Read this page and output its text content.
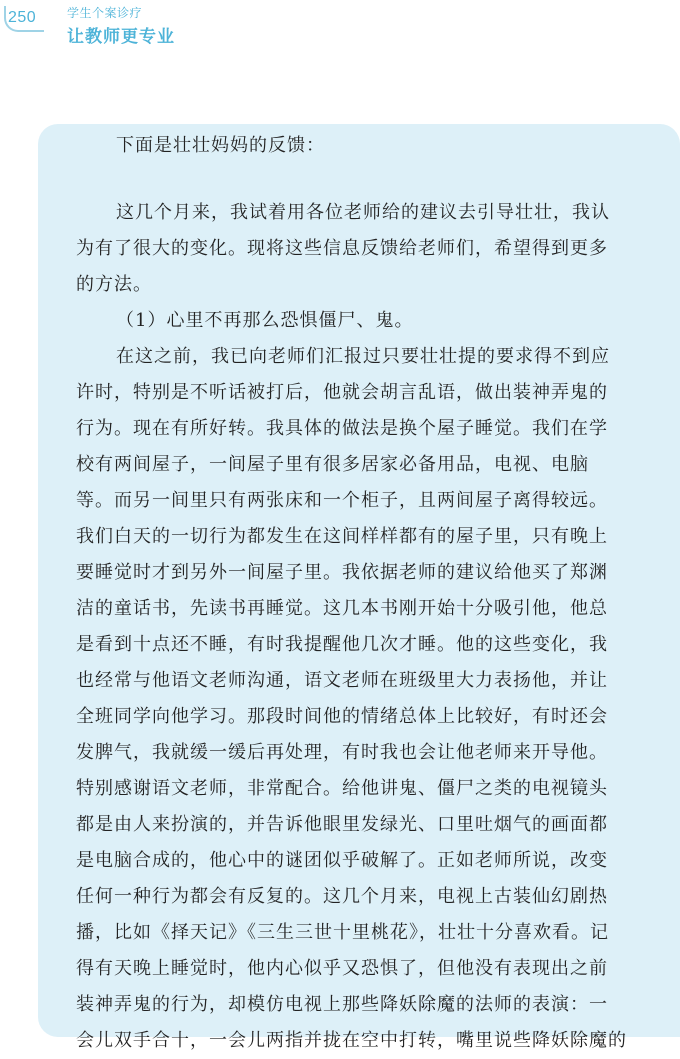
250	学生个案诊疗
让教师更专业
下面是壮壮妈妈的反馈：
这几个月来，我试着用各位老师给的建议去引导壮壮，我认
为有了很大的变化。现将这些信息反馈给老师们，希望得到更多
的方法。
（1）心里不再那么恐惧僵尸、鬼。
在这之前，我已向老师们汇报过只要壮壮提的要求得不到应
许时，特别是不听话被打后，他就会胡言乱语，做出装神弄鬼的
行为。现在有所好转。我具体的做法是换个屋子睡觉。我们在学
校有两间屋子，一间屋子里有很多居家必备用品，电视、电脑
等。而另一间里只有两张床和一个柜子，且两间屋子离得较远。
我们白天的一切行为都发生在这间样样都有的屋子里，只有晚上
要睡觉时才到另外一间屋子里。我依据老师的建议给他买了郑渊
洁的童话书，先读书再睡觉。这几本书刚开始十分吸引他，他总
是看到十点还不睡，有时我提醒他几次才睡。他的这些变化，我
也经常与他语文老师沟通，语文老师在班级里大力表扬他，并让
全班同学向他学习。那段时间他的情绪总体上比较好，有时还会
发脾气，我就缓一缓后再处理，有时我也会让他老师来开导他。
特别感谢语文老师，非常配合。给他讲鬼、僵尸之类的电视镜头
都是由人来扮演的，并告诉他眼里发绿光、口里吐烟气的画面都
是电脑合成的，他心中的谜团似乎破解了。正如老师所说，改变
任何一种行为都会有反复的。这几个月来，电视上古装仙幻剧热
播，比如《择天记》《三生三世十里桃花》，壮壮十分喜欢看。记
得有天晚上睡觉时，他内心似乎又恐惧了，但他没有表现出之前
装神弄鬼的行为，却模仿电视上那些降妖除魔的法师的表演：一
会儿双手合十，一会儿两指并拢在空中打转，嘴里说些降妖除魔的
